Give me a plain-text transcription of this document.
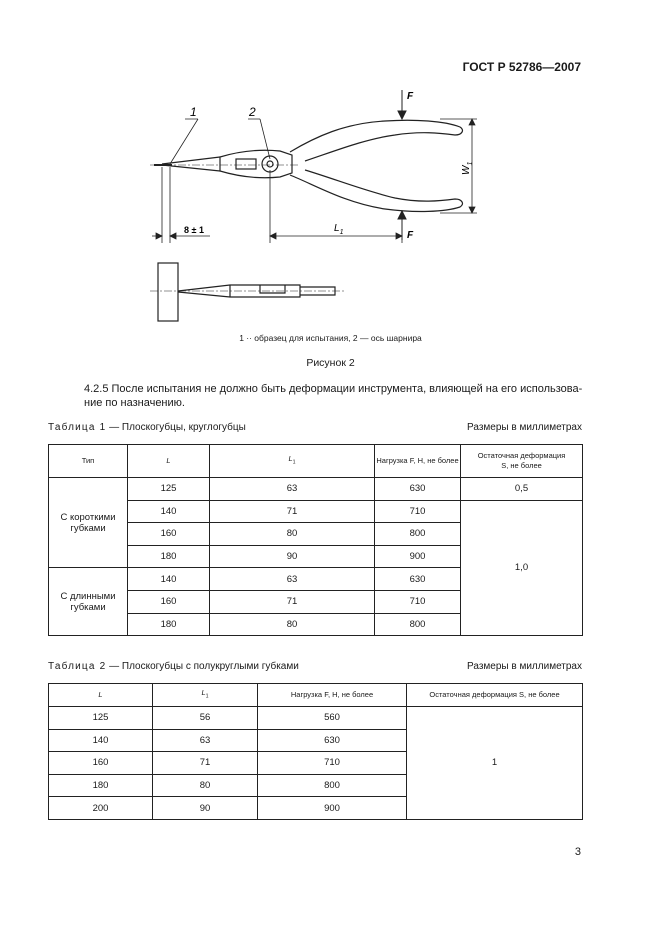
ГОСТ Р 52786—2007
1	2
F
F
$W_1$
$L_1$
8 ± 1
1 ·· образец для испытания, 2 — ось шарнира
Рисунок 2
4.2.5 После испытания не должно быть деформации инструмента, влияющей на его использова-
ние по назначению.
Таблица 1 — Плоскогубцы, круглогубцы	Размеры в миллиметрах
Тип	L	$L_1$	Нагрузка F, Н, не более	Остаточная деформация
S, не более
С короткими губками	125	63	630	0,5
	140	71	710	1,0
	160	80	800	
	180	90	900	
С длинными губками	140	63	630	
	160	71	710	
	180	80	800	
Таблица 2 — Плоскогубцы с полукруглыми губками	Размеры в миллиметрах
L	$L_1$	Нагрузка F, Н, не более	Остаточная деформация S, не более
125	56	560	1
140	63	630	
160	71	710	
180	80	800	
200	90	900	
3
